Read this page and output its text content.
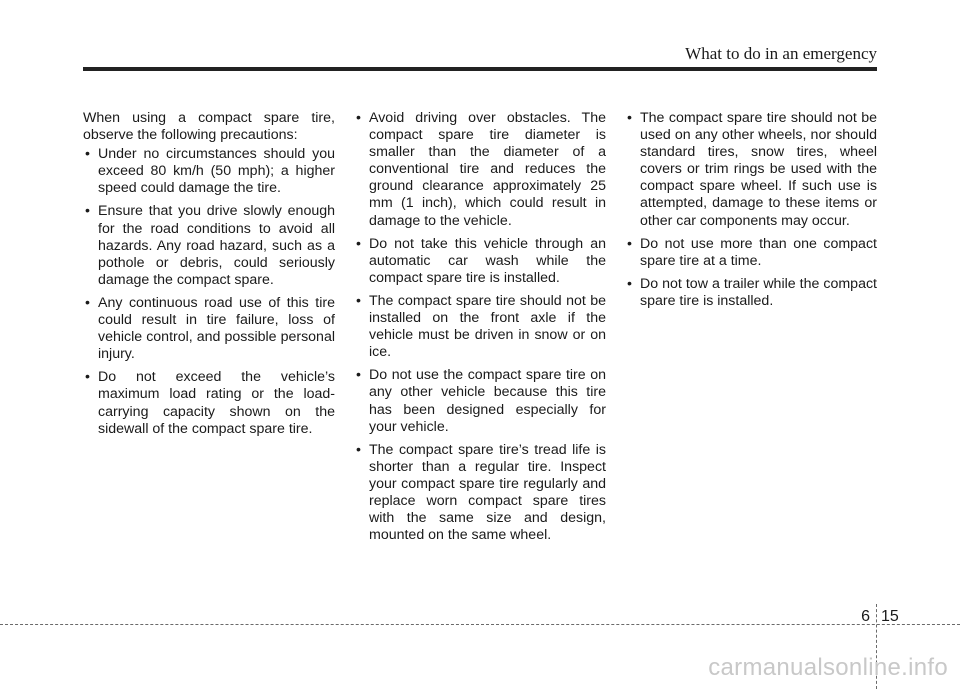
What to do in an emergency

When using a compact spare tire, observe the following precautions:

• Under no circumstances should you exceed 80 km/h (50 mph); a higher speed could damage the tire.
• Ensure that you drive slowly enough for the road conditions to avoid all hazards. Any road hazard, such as a pothole or debris, could seriously damage the compact spare.
• Any continuous road use of this tire could result in tire failure, loss of vehicle control, and possible personal injury.
• Do not exceed the vehicle’s maximum load rating or the load-carrying capacity shown on the sidewall of the compact spare tire.
• Avoid driving over obstacles. The compact spare tire diameter is smaller than the diameter of a conventional tire and reduces the ground clearance approximately 25 mm (1 inch), which could result in damage to the vehicle.
• Do not take this vehicle through an automatic car wash while the compact spare tire is installed.
• The compact spare tire should not be installed on the front axle if the vehicle must be driven in snow or on ice.
• Do not use the compact spare tire on any other vehicle because this tire has been designed especially for your vehicle.
• The compact spare tire’s tread life is shorter than a regular tire. Inspect your compact spare tire regularly and replace worn compact spare tires with the same size and design, mounted on the same wheel.
• The compact spare tire should not be used on any other wheels, nor should standard tires, snow tires, wheel covers or trim rings be used with the compact spare wheel. If such use is attempted, damage to these items or other car components may occur.
• Do not use more than one compact spare tire at a time.
• Do not tow a trailer while the compact spare tire is installed.
6 15
carmanualsonline.info
